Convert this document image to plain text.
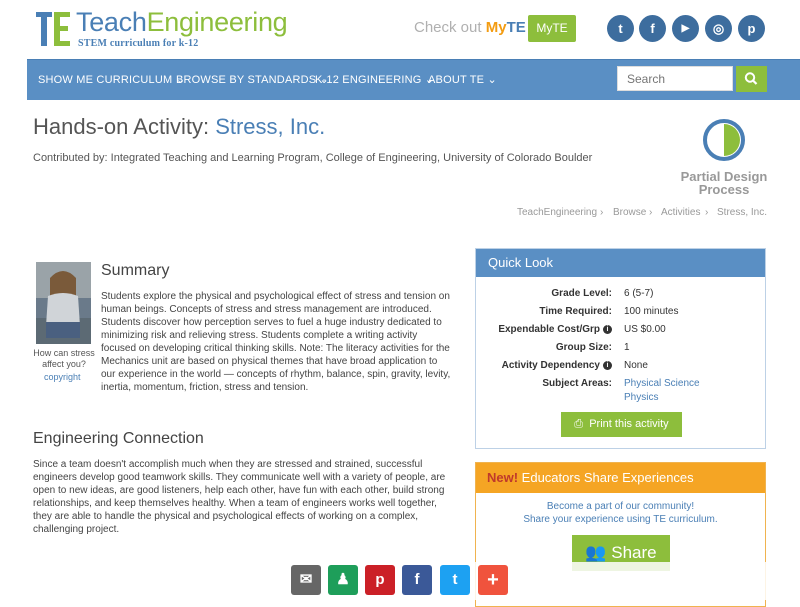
TeachEngineering
STEM curriculum for k-12
Check out MyTE MyTE	t	f	▶	◎	p
SHOW ME CURRICULUM ⌄
BROWSE BY STANDARDS ⌄
K-12 ENGINEERING ⌄
ABOUT TE ⌄
Search
Hands-on Activity: Stress, Inc.
Contributed by: Integrated Teaching and Learning Program, College of Engineering, University of Colorado Boulder
Partial Design
Process
TeachEngineering › Browse › Activities › Stress, Inc.
How can stress affect you?
copyright
Summary
Students explore the physical and psychological effect of stress and tension on human beings. Concepts of stress and stress management are introduced. Students discover how perception serves to fuel a huge industry dedicated to minimizing risk and relieving stress. Students complete a writing activity focused on developing critical thinking skills. Note: The literacy activities for the Mechanics unit are based on physical themes that have broad application to our experience in the world — concepts of rhythm, balance, spin, gravity, levity, inertia, momentum, friction, stress and tension.
Engineering Connection
Since a team doesn't accomplish much when they are stressed and strained, successful engineers develop good teamwork skills. They communicate well with a variety of people, are open to new ideas, are good listeners, help each other, have fun with each other, build strong relationships, and keep themselves healthy. When a team of engineers works well together, they are able to handle the physical and psychological effects of working on a complex, challenging project.
Quick Look
Grade Level: 6 (5-7)
Time Required: 100 minutes
Expendable Cost/Grp i	US $0.00
Group Size: 1
Activity Dependency i	None
Subject Areas: Physical Science
Physics
⎙  Print this activity
New! Educators Share Experiences
Become a part of our community!
Share your experience using TE curriculum.
👥 Share
✉	♟	p	f	t	+
